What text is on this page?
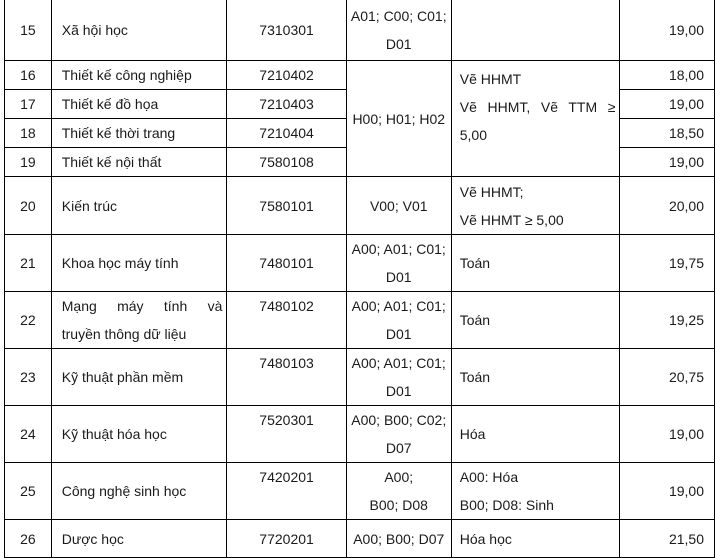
15	Xã hội học	7310301	A01; C00; C01;
D01		19,00
16	Thiết kế công nghiệp	7210402	H00; H01; H02	Vẽ HHMT
Vẽ HHMT, Vẽ TTM ≥
5,00	18,00
17	Thiết kế đồ họa	7210403			19,00
18	Thiết kế thời trang	7210404			18,50
19	Thiết kế nội thất	7580108			19,00
20	Kiến trúc	7580101	V00; V01	Vẽ HHMT;
Vẽ HHMT ≥ 5,00	20,00
21	Khoa học máy tính	7480101	A00; A01; C01;
D01	Toán	19,75
22	Mạng máy tính và
truyền thông dữ liệu	7480102	A00; A01; C01;
D01	Toán	19,25
23	Kỹ thuật phần mềm	7480103	A00; A01; C01;
D01	Toán	20,75
24	Kỹ thuật hóa học	7520301	A00; B00; C02;
D07	Hóa	19,00
25	Công nghệ sinh học	7420201	A00;
B00; D08	A00: Hóa
B00; D08: Sinh	19,00
26	Dược học	7720201	A00; B00; D07	Hóa học	21,50
